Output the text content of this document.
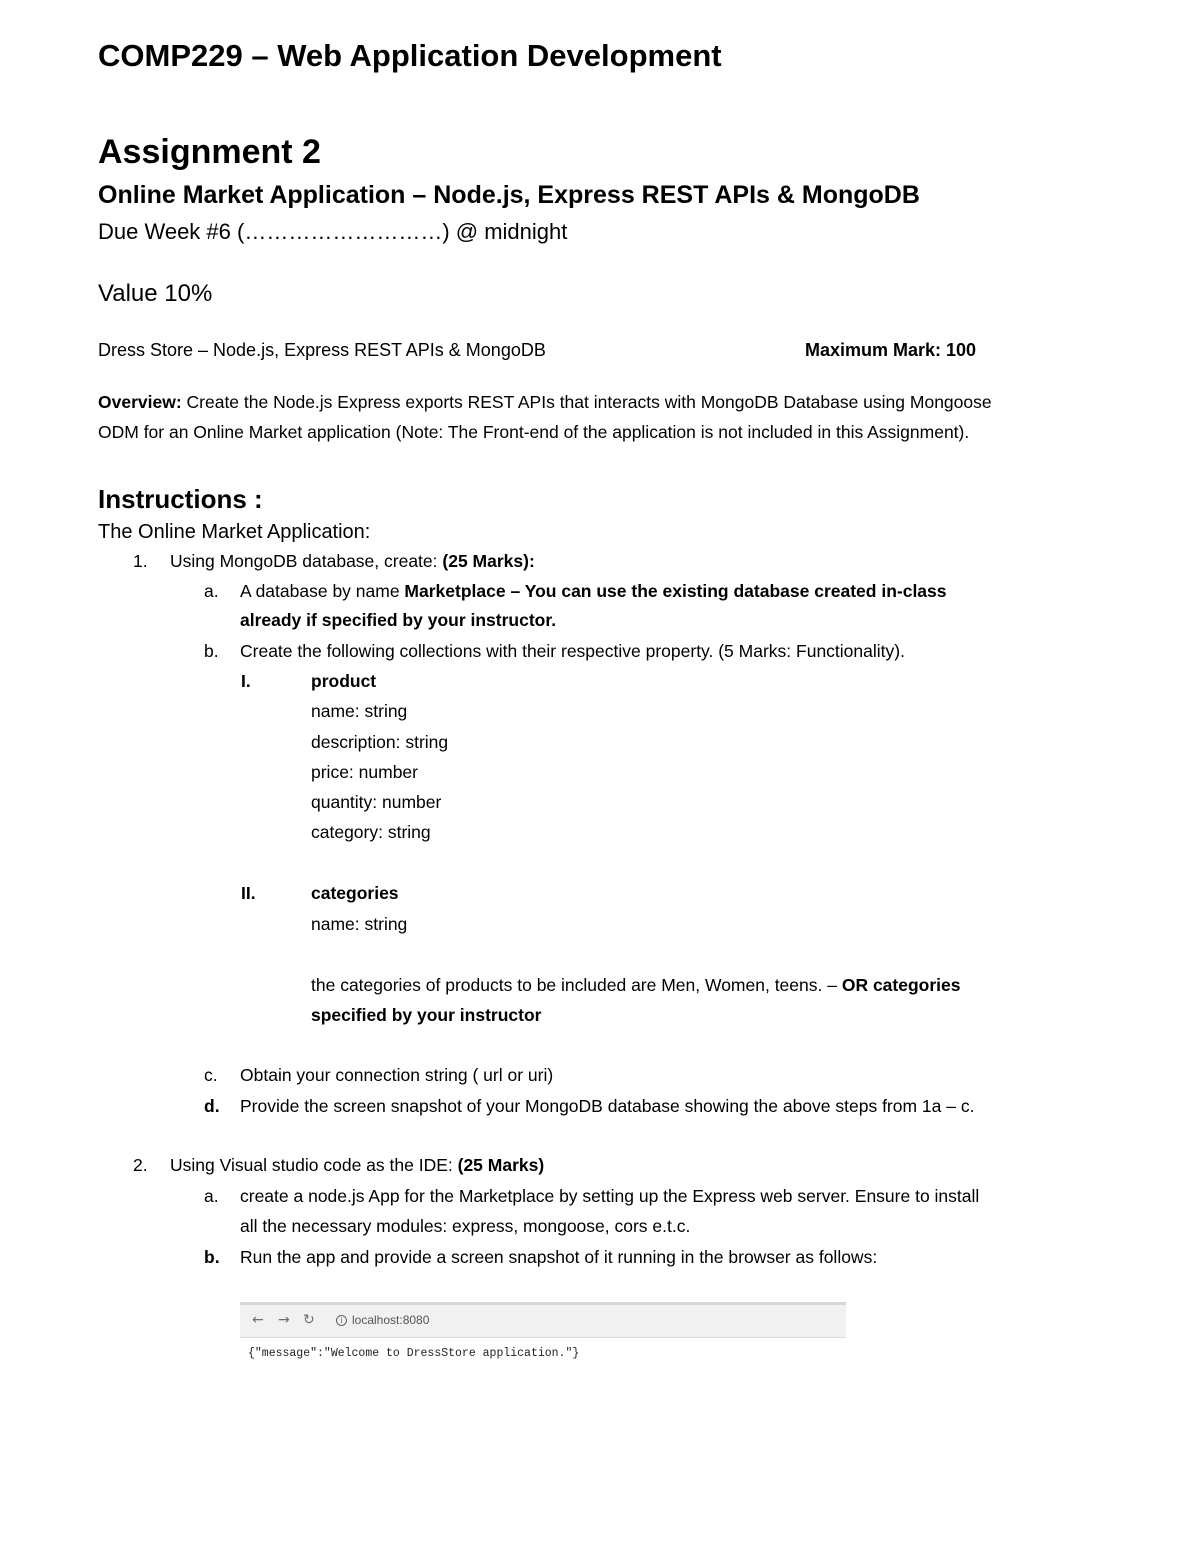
COMP229 – Web Application Development
Assignment 2
Online Market Application – Node.js, Express REST APIs & MongoDB
Due Week #6 (………………………) @ midnight
Value 10%
Dress Store – Node.js, Express REST APIs & MongoDB	Maximum Mark: 100
Overview: Create the Node.js Express exports REST APIs that interacts with MongoDB Database using Mongoose
ODM for an Online Market application (Note: The Front-end of the application is not included in this Assignment).
Instructions :
The Online Market Application:
1. Using MongoDB database, create: (25 Marks):
a. A database by name Marketplace – You can use the existing database created in-class
already if specified by your instructor.
b. Create the following collections with their respective property. (5 Marks: Functionality).
I.	product
name: string
description: string
price: number
quantity: number
category: string
II.	categories
name: string
the categories of products to be included are Men, Women, teens. – OR categories
specified by your instructor
c. Obtain your connection string ( url or uri)
d. Provide the screen snapshot of your MongoDB database showing the above steps from 1a – c.
2. Using Visual studio code as the IDE: (25 Marks)
a. create a node.js App for the Marketplace by setting up the Express web server. Ensure to install
all the necessary modules: express, mongoose, cors e.t.c.
b. Run the app and provide a screen snapshot of it running in the browser as follows:
← → ↻	i localhost:8080
{"message":"Welcome to DressStore application."}
